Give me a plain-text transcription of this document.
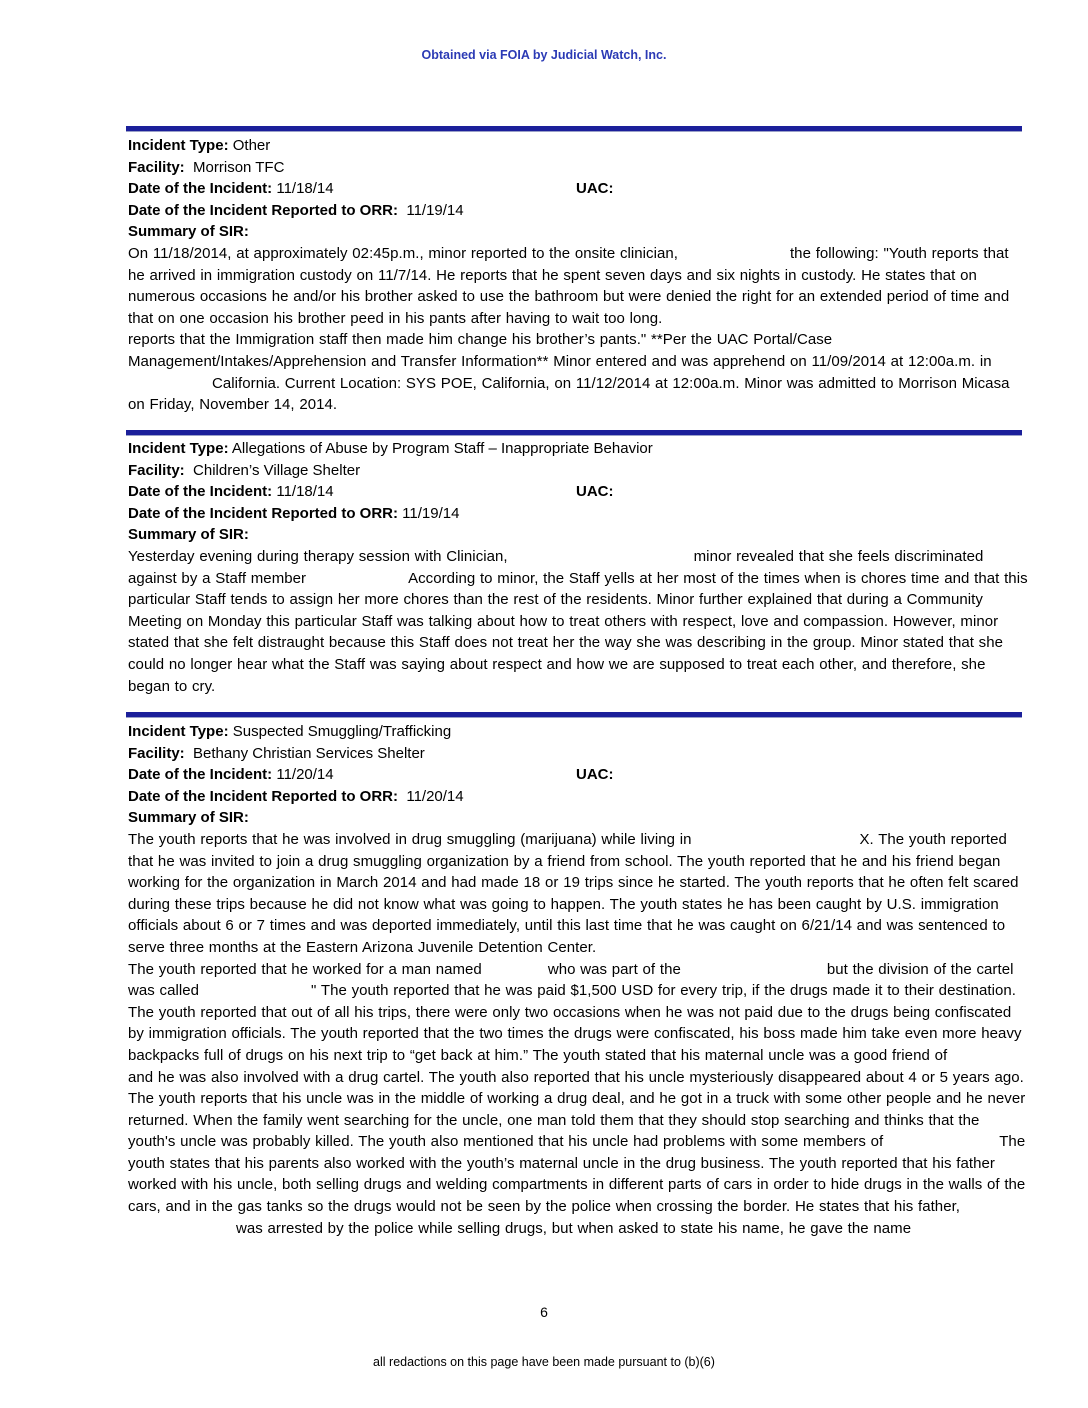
Obtained via FOIA by Judicial Watch, Inc.
Incident Type: Other
Facility: Morrison TFC
Date of the Incident: 11/18/14	UAC:
Date of the Incident Reported to ORR: 11/19/14
Summary of SIR:
On 11/18/2014, at approximately 02:45p.m., minor reported to the onsite clinician,	the following: "Youth reports that he arrived in immigration custody on 11/7/14. He reports that he spent seven days and six nights in custody. He states that on numerous occasions he and/or his brother asked to use the bathroom but were denied the right for an extended period of time and that on one occasion his brother peed in his pants after having to wait too long.
reports that the Immigration staff then made him change his brother’s pants." **Per the UAC Portal/Case Management/Intakes/Apprehension and Transfer Information** Minor entered and was apprehend on 11/09/2014 at 12:00a.m. inCalifornia. Current Location: SYS POE, California, on 11/12/2014 at 12:00a.m. Minor was admitted to Morrison Micasa on Friday, November 14, 2014.
Incident Type: Allegations of Abuse by Program Staff – Inappropriate Behavior
Facility: Children’s Village Shelter
Date of the Incident: 11/18/14	UAC:
Date of the Incident Reported to ORR: 11/19/14
Summary of SIR:
Yesterday evening during therapy session with Clinician,	minor revealed that she feels discriminated against by a Staff member	According to minor, the Staff yells at her most of the times when is chores time and that this particular Staff tends to assign her more chores than the rest of the residents. Minor further explained that during a Community Meeting on Monday this particular Staff was talking about how to treat others with respect, love and compassion. However, minor stated that she felt distraught because this Staff does not treat her the way she was describing in the group. Minor stated that she could no longer hear what the Staff was saying about respect and how we are supposed to treat each other, and therefore, she began to cry.
Incident Type: Suspected Smuggling/Trafficking
Facility: Bethany Christian Services Shelter
Date of the Incident: 11/20/14	UAC:
Date of the Incident Reported to ORR: 11/20/14
Summary of SIR:
The youth reports that he was involved in drug smuggling (marijuana) while living in	X. The youth reported that he was invited to join a drug smuggling organization by a friend from school. The youth reported that he and his friend began working for the organization in March 2014 and had made 18 or 19 trips since he started. The youth reports that he often felt scared during these trips because he did not know what was going to happen. The youth states he has been caught by U.S. immigration officials about 6 or 7 times and was deported immediately, until this last time that he was caught on 6/21/14 and was sentenced to serve three months at the Eastern Arizona Juvenile Detention Center.
The youth reported that he worked for a man named	who was part of the	but the division of the cartel was called	" The youth reported that he was paid $1,500 USD for every trip, if the drugs made it to their destination. The youth reported that out of all his trips, there were only two occasions when he was not paid due to the drugs being confiscated by immigration officials. The youth reported that the two times the drugs were confiscated, his boss made him take even more heavy backpacks full of drugs on his next trip to “get back at him.” The youth stated that his maternal uncle was a good friend ofand he was also involved with a drug cartel. The youth also reported that his uncle mysteriously disappeared about 4 or 5 years ago. The youth reports that his uncle was in the middle of working a drug deal, and he got in a truck with some other people and he never returned. When the family went searching for the uncle, one man told them that they should stop searching and thinks that the youth's uncle was probably killed. The youth also mentioned that his uncle had problems with some members of	The youth states that his parents also worked with the youth’s maternal uncle in the drug business. The youth reported that his father worked with his uncle, both selling drugs and welding compartments in different parts of cars in order to hide drugs in the walls of the cars, and in the gas tanks so the drugs would not be seen by the police when crossing the border. He states that his father,
was arrested by the police while selling drugs, but when asked to state his name, he gave the name
6
all redactions on this page have been made pursuant to (b)(6)
